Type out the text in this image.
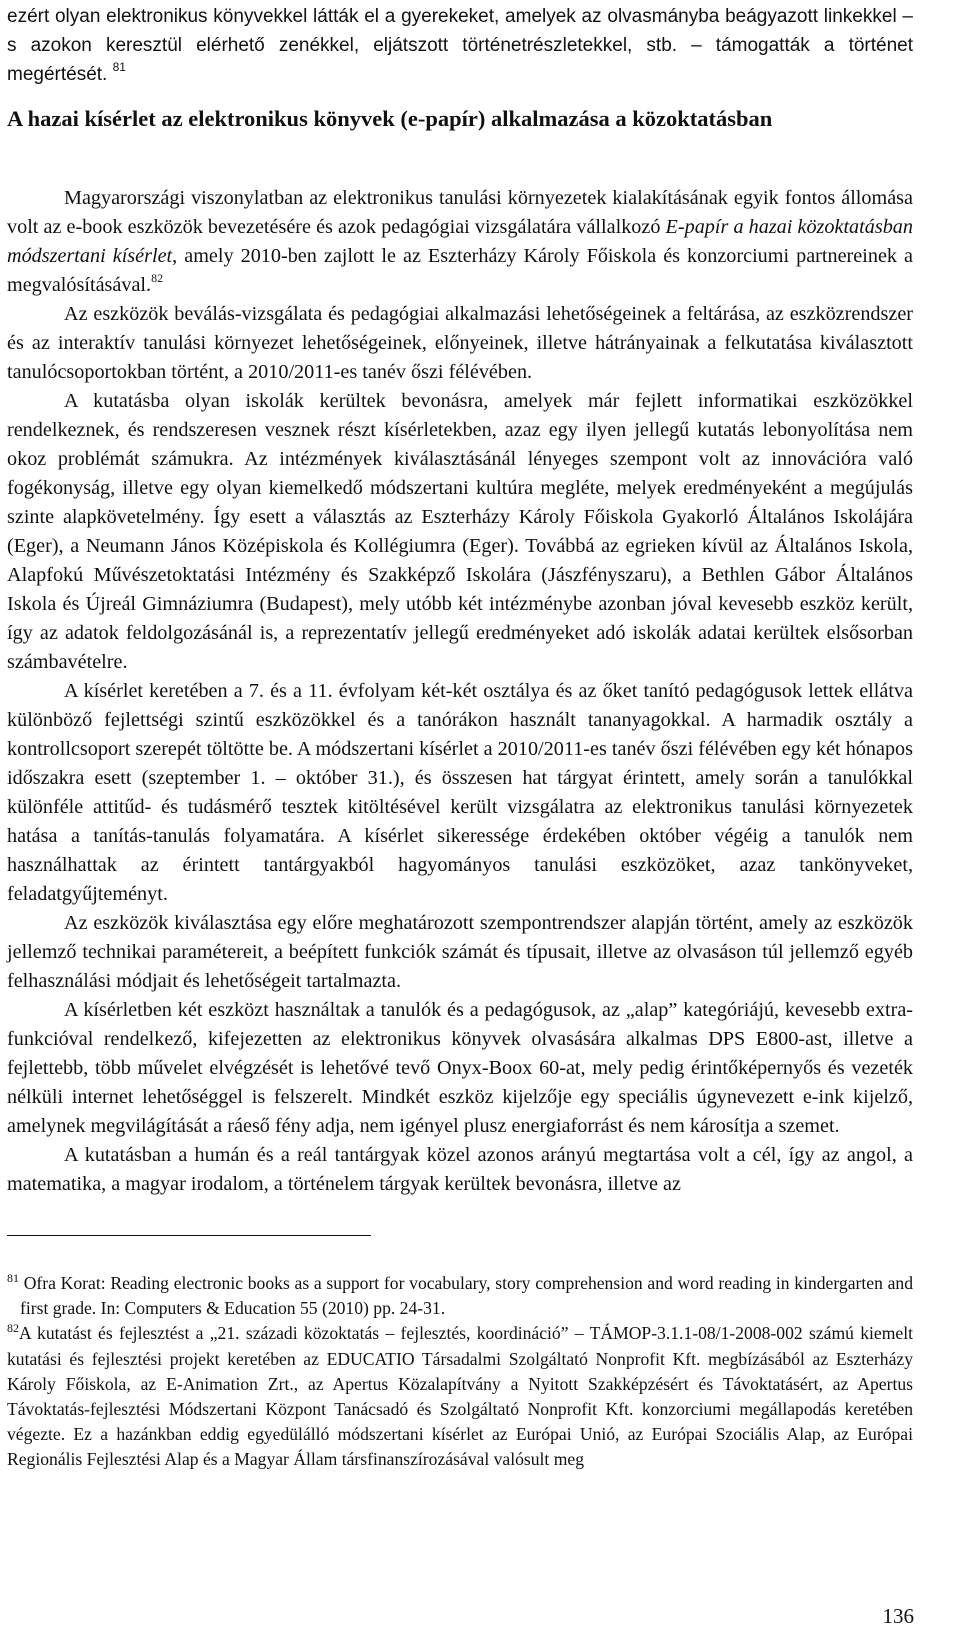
ezért olyan elektronikus könyvekkel látták el a gyerekeket, amelyek az olvasmányba beágyazott linkekkel – s azokon keresztül elérhető zenékkel, eljátszott történetrészletekkel, stb. – támogatták a történet megértését. $^{81}$

A hazai kísérlet az elektronikus könyvek (e-papír) alkalmazása a közoktatásban

Magyarországi viszonylatban az elektronikus tanulási környezetek kialakításának egyik fontos állomása volt az e-book eszközök bevezetésére és azok pedagógiai vizsgálatára vállalkozó E-papír a hazai közoktatásban módszertani kísérlet, amely 2010-ben zajlott le az Eszterházy Károly Főiskola és konzorciumi partnereinek a megvalósításával.$^{82}$

Az eszközök beválás-vizsgálata és pedagógiai alkalmazási lehetőségeinek a feltárása, az eszközrendszer és az interaktív tanulási környezet lehetőségeinek, előnyeinek, illetve hátrányainak a felkutatása kiválasztott tanulócsoportokban történt, a 2010/2011-es tanév őszi félévében.

A kutatásba olyan iskolák kerültek bevonásra, amelyek már fejlett informatikai eszközökkel rendelkeznek, és rendszeresen vesznek részt kísérletekben, azaz egy ilyen jellegű kutatás lebonyolítása nem okoz problémát számukra. Az intézmények kiválasztásánál lényeges szempont volt az innovációra való fogékonyság, illetve egy olyan kiemelkedő módszertani kultúra megléte, melyek eredményeként a megújulás szinte alapkövetelmény. Így esett a választás az Eszterházy Károly Főiskola Gyakorló Általános Iskolájára (Eger), a Neumann János Középiskola és Kollégiumra (Eger). Továbbá az egrieken kívül az Általános Iskola, Alapfokú Művészetoktatási Intézmény és Szakképző Iskolára (Jászfényszaru), a Bethlen Gábor Általános Iskola és Újreál Gimnáziumra (Budapest), mely utóbb két intézménybe azonban jóval kevesebb eszköz került, így az adatok feldolgozásánál is, a reprezentatív jellegű eredményeket adó iskolák adatai kerültek elsősorban számbavételre.

A kísérlet keretében a 7. és a 11. évfolyam két-két osztálya és az őket tanító pedagógusok lettek ellátva különböző fejlettségi szintű eszközökkel és a tanórákon használt tananyagokkal. A harmadik osztály a kontrollcsoport szerepét töltötte be. A módszertani kísérlet a 2010/2011-es tanév őszi félévében egy két hónapos időszakra esett (szeptember 1. – október 31.), és összesen hat tárgyat érintett, amely során a tanulókkal különféle attitűd- és tudásmérő tesztek kitöltésével került vizsgálatra az elektronikus tanulási környezetek hatása a tanítás-tanulás folyamatára. A kísérlet sikeressége érdekében október végéig a tanulók nem használhattak az érintett tantárgyakból hagyományos tanulási eszközöket, azaz tankönyveket, feladatgyűjteményt.

Az eszközök kiválasztása egy előre meghatározott szempontrendszer alapján történt, amely az eszközök jellemző technikai paramétereit, a beépített funkciók számát és típusait, illetve az olvasáson túl jellemző egyéb felhasználási módjait és lehetőségeit tartalmazta.

A kísérletben két eszközt használtak a tanulók és a pedagógusok, az „alap” kategóriájú, kevesebb extra-funkcióval rendelkező, kifejezetten az elektronikus könyvek olvasására alkalmas DPS E800-ast, illetve a fejlettebb, több művelet elvégzését is lehetővé tevő Onyx-Boox 60-at, mely pedig érintőképernyős és vezeték nélküli internet lehetőséggel is felszerelt. Mindkét eszköz kijelzője egy speciális úgynevezett e-ink kijelző, amelynek megvilágítását a ráeső fény adja, nem igényel plusz energiaforrást és nem károsítja a szemet.

A kutatásban a humán és a reál tantárgyak közel azonos arányú megtartása volt a cél, így az angol, a matematika, a magyar irodalom, a történelem tárgyak kerültek bevonásra, illetve az

$^{81}$ Ofra Korat: Reading electronic books as a support for vocabulary, story comprehension and word reading in kindergarten and first grade. In: Computers & Education 55 (2010) pp. 24-31.

$^{82}$A kutatást és fejlesztést a „21. századi közoktatás – fejlesztés, koordináció” – TÁMOP-3.1.1-08/1-2008-002 számú kiemelt kutatási és fejlesztési projekt keretében az EDUCATIO Társadalmi Szolgáltató Nonprofit Kft. megbízásából az Eszterházy Károly Főiskola, az E-Animation Zrt., az Apertus Közalapítvány a Nyitott Szakképzésért és Távoktatásért, az Apertus Távoktatás-fejlesztési Módszertani Központ Tanácsadó és Szolgáltató Nonprofit Kft. konzorciumi megállapodás keretében végezte. Ez a hazánkban eddig egyedülálló módszertani kísérlet az Európai Unió, az Európai Szociális Alap, az Európai Regionális Fejlesztési Alap és a Magyar Állam társfinanszírozásával valósult meg

136
